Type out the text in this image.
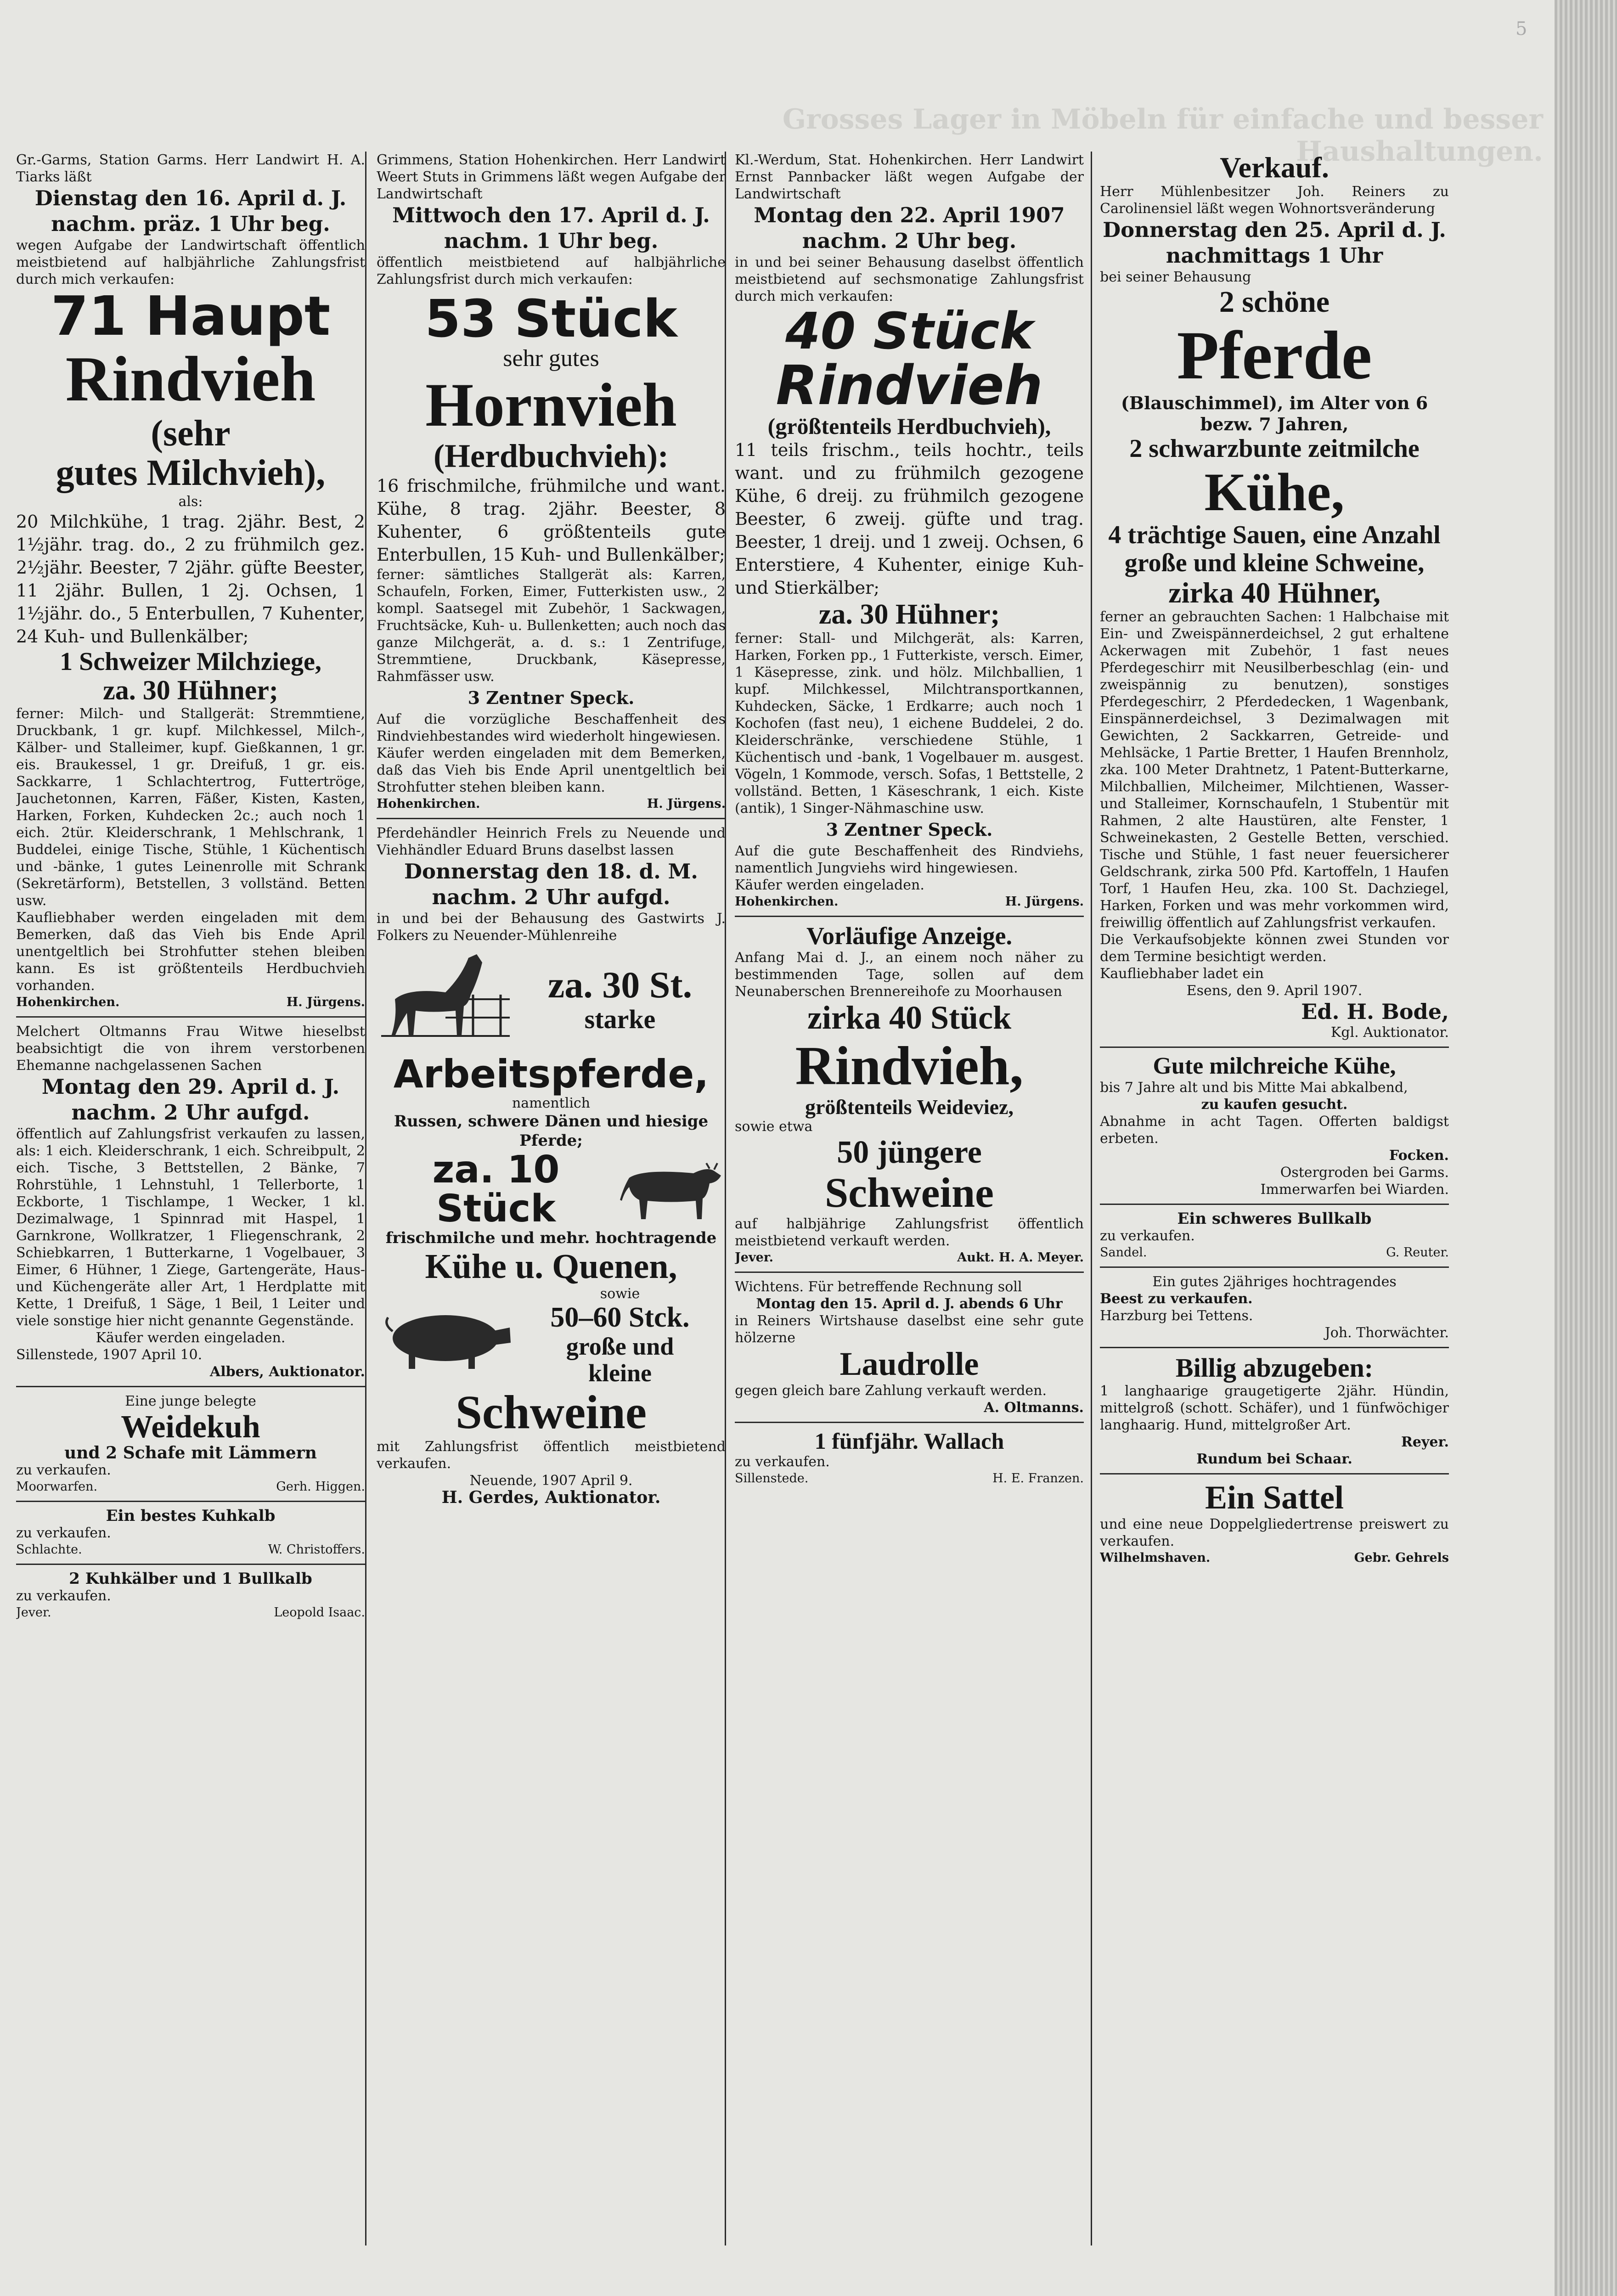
Grosses Lager in Möbeln für einfache und besser

Haushaltungen.

5

Gr.-Garms, Station Garms. Herr Landwirt H. A. Tiarks läßt

Dienstag den 16. April d. J.

nachm. präz. 1 Uhr beg.

wegen Aufgabe der Landwirtschaft öffentlich meistbietend auf halbjährliche Zahlungsfrist durch mich verkaufen:

71 Haupt

Rindvieh

(sehr

gutes Milchvieh),

als:

20 Milchkühe, 1 trag. 2jähr. Best, 2 1½jähr. trag. do., 2 zu frühmilch gez. 2½jähr. Beester, 7 2jähr. güfte Beester, 11 2jähr. Bullen, 1 2j. Ochsen, 1 1½jähr. do., 5 Enterbullen, 7 Kuhenter, 24 Kuh- und Bullenkälber;

1 Schweizer Milchziege,

za. 30 Hühner;

ferner: Milch- und Stallgerät: Stremmtiene, Druckbank, 1 gr. kupf. Milchkessel, Milch-, Kälber- und Stalleimer, kupf. Gießkannen, 1 gr. eis. Braukessel, 1 gr. Dreifuß, 1 gr. eis. Sackkarre, 1 Schlachtertrog, Futtertröge, Jauchetonnen, Karren, Fäßer, Kisten, Kasten, Harken, Forken, Kuhdecken 2c.; auch noch 1 eich. 2tür. Kleiderschrank, 1 Mehlschrank, 1 Buddelei, einige Tische, Stühle, 1 Küchentisch und -bänke, 1 gutes Leinenrolle mit Schrank (Sekretärform), Betstellen, 3 vollständ. Betten usw.

Kaufliebhaber werden eingeladen mit dem Bemerken, daß das Vieh bis Ende April unentgeltlich bei Strohfutter stehen bleiben kann. Es ist größtenteils Herdbuchvieh vorhanden.

Hohenkirchen.	H. Jürgens.

Melchert Oltmanns Frau Witwe hieselbst beabsichtigt die von ihrem verstorbenen Ehemanne nachgelassenen Sachen

Montag den 29. April d. J.

nachm. 2 Uhr aufgd.

öffentlich auf Zahlungsfrist verkaufen zu lassen, als: 1 eich. Kleiderschrank, 1 eich. Schreibpult, 2 eich. Tische, 3 Bettstellen, 2 Bänke, 7 Rohrstühle, 1 Lehnstuhl, 1 Tellerborte, 1 Eckborte, 1 Tischlampe, 1 Wecker, 1 kl. Dezimalwage, 1 Spinnrad mit Haspel, 1 Garnkrone, Wollkratzer, 1 Fliegenschrank, 2 Schiebkarren, 1 Butterkarne, 1 Vogelbauer, 3 Eimer, 6 Hühner, 1 Ziege, Gartengeräte, Haus- und Küchengeräte aller Art, 1 Herdplatte mit Kette, 1 Dreifuß, 1 Säge, 1 Beil, 1 Leiter und viele sonstige hier nicht genannte Gegenstände.

Käufer werden eingeladen.

Sillenstede, 1907 April 10.

Albers, Auktionator.

Eine junge belegte

Weidekuh

und 2 Schafe mit Lämmern

zu verkaufen.

Moorwarfen.	Gerh. Higgen.

Ein bestes Kuhkalb

zu verkaufen.

Schlachte.	W. Christoffers.

2 Kuhkälber und 1 Bullkalb

zu verkaufen.

Jever.	Leopold Isaac.

Grimmens, Station Hohenkirchen. Herr Landwirt Weert Stuts in Grimmens läßt wegen Aufgabe der Landwirtschaft

Mittwoch den 17. April d. J.

nachm. 1 Uhr beg.

öffentlich meistbietend auf halbjährliche Zahlungsfrist durch mich verkaufen:

53 Stück

sehr gutes

Hornvieh

(Herdbuchvieh):

16 frischmilche, frühmilche und want. Kühe, 8 trag. 2jähr. Beester, 8 Kuhenter, 6 größtenteils gute Enterbullen, 15 Kuh- und Bullenkälber;

ferner: sämtliches Stallgerät als: Karren, Schaufeln, Forken, Eimer, Futterkisten usw., 2 kompl. Saatsegel mit Zubehör, 1 Sackwagen, Fruchtsäcke, Kuh- u. Bullenketten; auch noch das ganze Milchgerät, a. d. s.: 1 Zentrifuge, Stremmtiene, Druckbank, Käsepresse, Rahmfässer usw.

3 Zentner Speck.

Auf die vorzügliche Beschaffenheit des Rindviehbestandes wird wiederholt hingewiesen.

Käufer werden eingeladen mit dem Bemerken, daß das Vieh bis Ende April unentgeltlich bei Strohfutter stehen bleiben kann.

Hohenkirchen.	H. Jürgens.

Pferdehändler Heinrich Frels zu Neuende und Viehhändler Eduard Bruns daselbst lassen

Donnerstag den 18. d. M.

nachm. 2 Uhr aufgd.

in und bei der Behausung des Gastwirts J. Folkers zu Neuender-Mühlenreihe

za. 30 St.

starke

Arbeitspferde,

namentlich

Russen, schwere Dänen und hiesige Pferde;

za. 10 Stück

frischmilche und mehr. hochtragende

Kühe u. Quenen,

sowie

50–60 Stck.

große und

kleine

Schweine

mit Zahlungsfrist öffentlich meistbietend verkaufen.

Neuende, 1907 April 9.

H. Gerdes, Auktionator.

Kl.-Werdum, Stat. Hohenkirchen. Herr Landwirt Ernst Pannbacker läßt wegen Aufgabe der Landwirtschaft

Montag den 22. April 1907

nachm. 2 Uhr beg.

in und bei seiner Behausung daselbst öffentlich meistbietend auf sechsmonatige Zahlungsfrist durch mich verkaufen:

40 Stück

Rindvieh

(größtenteils Herdbuchvieh),

11 teils frischm., teils hochtr., teils want. und zu frühmilch gezogene Kühe, 6 dreij. zu frühmilch gezogene Beester, 6 zweij. güfte und trag. Beester, 1 dreij. und 1 zweij. Ochsen, 6 Enterstiere, 4 Kuhenter, einige Kuh- und Stierkälber;

za. 30 Hühner;

ferner: Stall- und Milchgerät, als: Karren, Harken, Forken pp., 1 Futterkiste, versch. Eimer, 1 Käsepresse, zink. und hölz. Milchballien, 1 kupf. Milchkessel, Milchtransportkannen, Kuhdecken, Säcke, 1 Erdkarre; auch noch 1 Kochofen (fast neu), 1 eichene Buddelei, 2 do. Kleiderschränke, verschiedene Stühle, 1 Küchentisch und -bank, 1 Vogelbauer m. ausgest. Vögeln, 1 Kommode, versch. Sofas, 1 Bettstelle, 2 vollständ. Betten, 1 Käseschrank, 1 eich. Kiste (antik), 1 Singer-Nähmaschine usw.

3 Zentner Speck.

Auf die gute Beschaffenheit des Rindviehs, namentlich Jungviehs wird hingewiesen.

Käufer werden eingeladen.

Hohenkirchen.	H. Jürgens.

Vorläufige Anzeige.

Anfang Mai d. J., an einem noch näher zu bestimmenden Tage, sollen auf dem Neunaberschen Brennereihofe zu Moorhausen

zirka 40 Stück

Rindvieh,

größtenteils Weideviez,

sowie etwa

50 jüngere

Schweine

auf halbjährige Zahlungsfrist öffentlich meistbietend verkauft werden.

Jever.	Aukt. H. A. Meyer.

Wichtens. Für betreffende Rechnung soll

Montag den 15. April d. J. abends 6 Uhr

in Reiners Wirtshause daselbst eine sehr gute hölzerne

Laudrolle

gegen gleich bare Zahlung verkauft werden.

A. Oltmanns.

1 fünfjähr. Wallach

zu verkaufen.

Sillenstede.	H. E. Franzen.

Verkauf.

Herr Mühlenbesitzer Joh. Reiners zu Carolinensiel läßt wegen Wohnortsveränderung

Donnerstag den 25. April d. J.

nachmittags 1 Uhr

bei seiner Behausung

2 schöne

Pferde

(Blauschimmel), im Alter von 6 bezw. 7 Jahren,

2 schwarzbunte zeitmilche

Kühe,

4 trächtige Sauen, eine Anzahl große und kleine Schweine,

zirka 40 Hühner,

ferner an gebrauchten Sachen: 1 Halbchaise mit Ein- und Zweispännerdeichsel, 2 gut erhaltene Ackerwagen mit Zubehör, 1 fast neues Pferdegeschirr mit Neusilberbeschlag (ein- und zweispännig zu benutzen), sonstiges Pferdegeschirr, 2 Pferdedecken, 1 Wagenbank, Einspännerdeichsel, 3 Dezimalwagen mit Gewichten, 2 Sackkarren, Getreide- und Mehlsäcke, 1 Partie Bretter, 1 Haufen Brennholz, zka. 100 Meter Drahtnetz, 1 Patent-Butterkarne, Milchballien, Milcheimer, Milchtienen, Wasser- und Stalleimer, Kornschaufeln, 1 Stubentür mit Rahmen, 2 alte Haustüren, alte Fenster, 1 Schweinekasten, 2 Gestelle Betten, verschied. Tische und Stühle, 1 fast neuer feuersicherer Geldschrank, zirka 500 Pfd. Kartoffeln, 1 Haufen Torf, 1 Haufen Heu, zka. 100 St. Dachziegel, Harken, Forken und was mehr vorkommen wird, freiwillig öffentlich auf Zahlungsfrist verkaufen.

Die Verkaufsobjekte können zwei Stunden vor dem Termine besichtigt werden.

Kaufliebhaber ladet ein

Esens, den 9. April 1907.

Ed. H. Bode,

Kgl. Auktionator.

Gute milchreiche Kühe,

bis 7 Jahre alt und bis Mitte Mai abkalbend,

zu kaufen gesucht.

Abnahme in acht Tagen. Offerten baldigst erbeten.

Focken.

Ostergroden bei Garms.

Immerwarfen bei Wiarden.

Ein schweres Bullkalb

zu verkaufen.

Sandel.	G. Reuter.

Ein gutes 2jähriges hochtragendes

Beest zu verkaufen.

Harzburg bei Tettens.

Joh. Thorwächter.

Billig abzugeben:

1 langhaarige graugetigerte 2jähr. Hündin, mittelgroß (schott. Schäfer), und 1 fünfwöchiger langhaarig. Hund, mittelgroßer Art.

Reyer.

Rundum bei Schaar.

Ein Sattel

und eine neue Doppelgliedertrense preiswert zu verkaufen.

Wilhelmshaven.	Gebr. Gehrels
